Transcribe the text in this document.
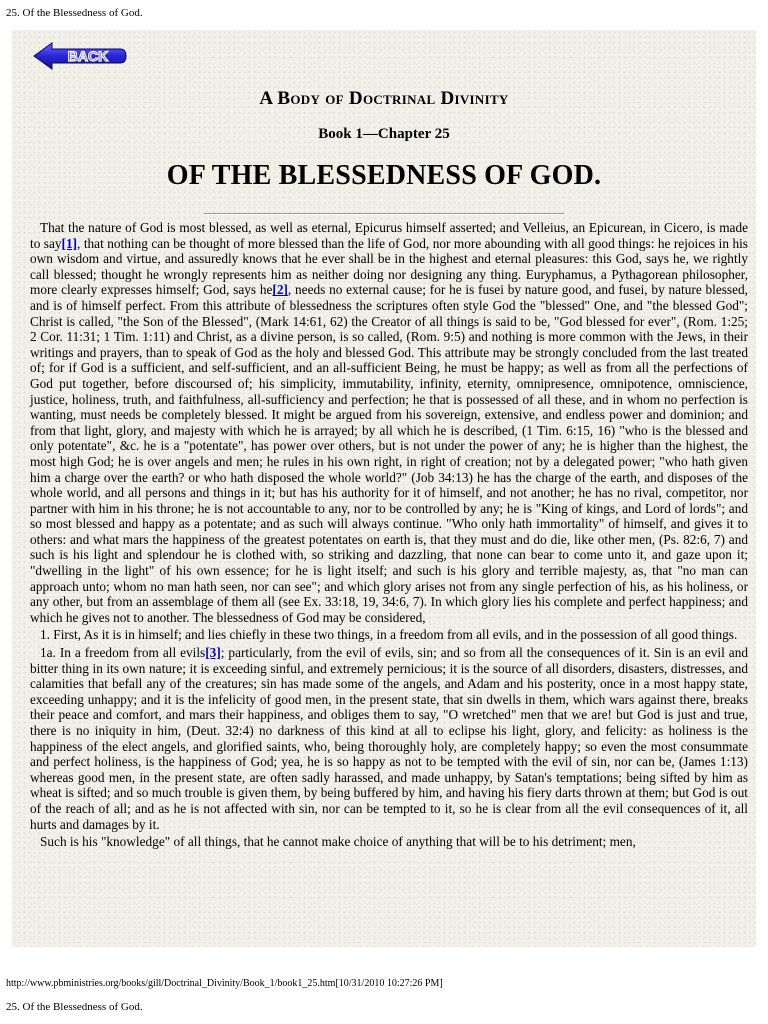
25. Of the Blessedness of God.
BACK
A Body of Doctrinal Divinity
Book 1—Chapter 25
OF THE BLESSEDNESS OF GOD.

That the nature of God is most blessed, as well as eternal, Epicurus himself asserted; and Velleius, an Epicurean, in Cicero, is made to say[1], that nothing can be thought of more blessed than the life of God, nor more abounding with all good things: he rejoices in his own wisdom and virtue, and assuredly knows that he ever shall be in the highest and eternal pleasures: this God, says he, we rightly call blessed; thought he wrongly represents him as neither doing nor designing any thing. Euryphamus, a Pythagorean philosopher, more clearly expresses himself; God, says he[2], needs no external cause; for he is fusei by nature good, and fusei, by nature blessed, and is of himself perfect. From this attribute of blessedness the scriptures often style God the "blessed" One, and "the blessed God"; Christ is called, "the Son of the Blessed", (Mark 14:61, 62) the Creator of all things is said to be, "God blessed for ever", (Rom. 1:25; 2 Cor. 11:31; 1 Tim. 1:11) and Christ, as a divine person, is so called, (Rom. 9:5) and nothing is more common with the Jews, in their writings and prayers, than to speak of God as the holy and blessed God. This attribute may be strongly concluded from the last treated of; for if God is a sufficient, and self-sufficient, and an all-sufficient Being, he must be happy; as well as from all the perfections of God put together, before discoursed of; his simplicity, immutability, infinity, eternity, omnipresence, omnipotence, omniscience, justice, holiness, truth, and faithfulness, all-sufficiency and perfection; he that is possessed of all these, and in whom no perfection is wanting, must needs be completely blessed. It might be argued from his sovereign, extensive, and endless power and dominion; and from that light, glory, and majesty with which he is arrayed; by all which he is described, (1 Tim. 6:15, 16) "who is the blessed and only potentate", &c. he is a "potentate", has power over others, but is not under the power of any; he is higher than the highest, the most high God; he is over angels and men; he rules in his own right, in right of creation; not by a delegated power; "who hath given him a charge over the earth? or who hath disposed the whole world?" (Job 34:13) he has the charge of the earth, and disposes of the whole world, and all persons and things in it; but has his authority for it of himself, and not another; he has no rival, competitor, nor partner with him in his throne; he is not accountable to any, nor to be controlled by any; he is "King of kings, and Lord of lords"; and so most blessed and happy as a potentate; and as such will always continue. "Who only hath immortality" of himself, and gives it to others: and what mars the happiness of the greatest potentates on earth is, that they must and do die, like other men, (Ps. 82:6, 7) and such is his light and splendour he is clothed with, so striking and dazzling, that none can bear to come unto it, and gaze upon it; "dwelling in the light" of his own essence; for he is light itself; and such is his glory and terrible majesty, as, that "no man can approach unto; whom no man hath seen, nor can see"; and which glory arises not from any single perfection of his, as his holiness, or any other, but from an assemblage of them all (see Ex. 33:18, 19, 34:6, 7). In which glory lies his complete and perfect happiness; and which he gives not to another. The blessedness of God may be considered,

1. First, As it is in himself; and lies chiefly in these two things, in a freedom from all evils, and in the possession of all good things.

1a. In a freedom from all evils[3]; particularly, from the evil of evils, sin; and so from all the consequences of it. Sin is an evil and bitter thing in its own nature; it is exceeding sinful, and extremely pernicious; it is the source of all disorders, disasters, distresses, and calamities that befall any of the creatures; sin has made some of the angels, and Adam and his posterity, once in a most happy state, exceeding unhappy; and it is the infelicity of good men, in the present state, that sin dwells in them, which wars against there, breaks their peace and comfort, and mars their happiness, and obliges them to say, "O wretched" men that we are! but God is just and true, there is no iniquity in him, (Deut. 32:4) no darkness of this kind at all to eclipse his light, glory, and felicity: as holiness is the happiness of the elect angels, and glorified saints, who, being thoroughly holy, are completely happy; so even the most consummate and perfect holiness, is the happiness of God; yea, he is so happy as not to be tempted with the evil of sin, nor can be, (James 1:13) whereas good men, in the present state, are often sadly harassed, and made unhappy, by Satan's temptations; being sifted by him as wheat is sifted; and so much trouble is given them, by being buffered by him, and having his fiery darts thrown at them; but God is out of the reach of all; and as he is not affected with sin, nor can be tempted to it, so he is clear from all the evil consequences of it, all hurts and damages by it.

Such is his "knowledge" of all things, that he cannot make choice of anything that will be to his detriment; men,

http://www.pbministries.org/books/gill/Doctrinal_Divinity/Book_1/book1_25.htm[10/31/2010 10:27:26 PM]
25. Of the Blessedness of God.
